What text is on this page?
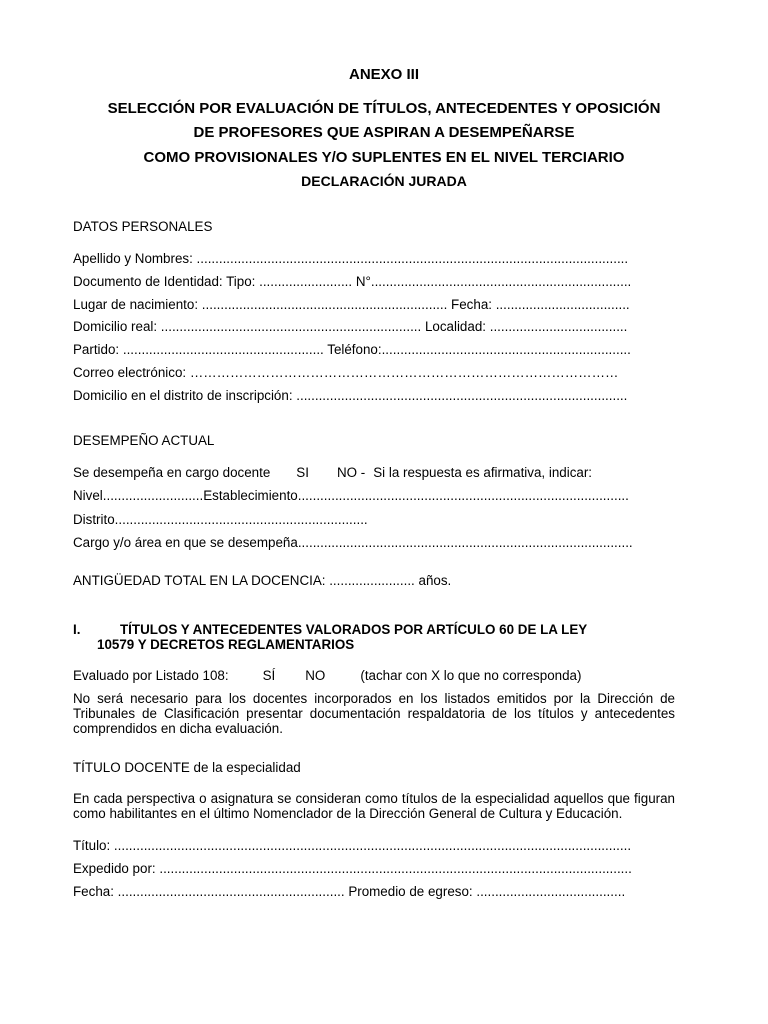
ANEXO III
SELECCIÓN POR EVALUACIÓN DE TÍTULOS, ANTECEDENTES Y OPOSICIÓN
DE PROFESORES QUE ASPIRAN A DESEMPEÑARSE
COMO PROVISIONALES Y/O SUPLENTES EN EL NIVEL TERCIARIO
DECLARACIÓN JURADA
DATOS PERSONALES
Apellido y Nombres: ....................................................................................................................
Documento de Identidad: Tipo: ......................... N°......................................................................
Lugar de nacimiento: .................................................................. Fecha: ....................................
Domicilio real: ...................................................................... Localidad: .....................................
Partido: ...................................................... Teléfono:...................................................................
Correo electrónico: ……………………………………………………………………………………
Domicilio en el distrito de inscripción: .........................................................................................
DESEMPEÑO ACTUAL
Se desempeña en cargo docente SI NO - Si la respuesta es afirmativa, indicar:
Nivel...........................Establecimiento.........................................................................................
Distrito....................................................................
Cargo y/o área en que se desempeña..........................................................................................
ANTIGÜEDAD TOTAL EN LA DOCENCIA: ....................... años.
I.	TÍTULOS Y ANTECEDENTES VALORADOS POR ARTÍCULO 60 DE LA LEY
10579 Y DECRETOS REGLAMENTARIOS
Evaluado por Listado 108:	SÍ NO	(tachar con X lo que no corresponda)
No será necesario para los docentes incorporados en los listados emitidos por la Dirección de Tribunales de Clasificación presentar documentación respaldatoria de los títulos y antecedentes comprendidos en dicha evaluación.
TÍTULO DOCENTE de la especialidad
En cada perspectiva o asignatura se consideran como títulos de la especialidad aquellos que figuran como habilitantes en el último Nomenclador de la Dirección General de Cultura y Educación.
Título: ...........................................................................................................................................
Expedido por: ...............................................................................................................................
Fecha: ............................................................. Promedio de egreso: ........................................
